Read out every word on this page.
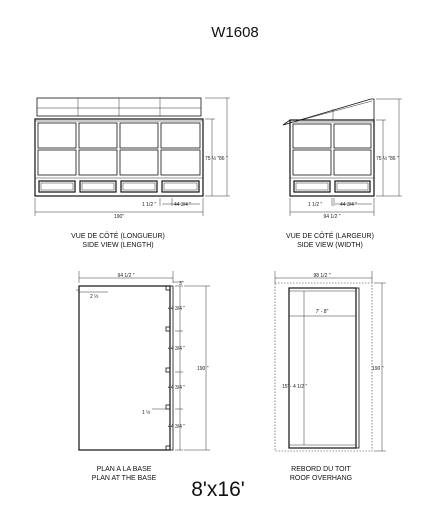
W1608
75 ½ " 86 "
1 1/2 "	44 3/4 "
190"
VUE DE CÔTÉ (LONGUEUR)
SIDE VIEW (LENGTH)
75 ½ " 86 "
1 1/2 "	44 3/4 "
94 1/2 "
VUE DE CÔTÉ (LARGEUR)
SIDE VIEW (WIDTH)
94 1/2 "
2 ½
3"
44 3/4 "
44 3/4 "
44 3/4 "
44 3/4 "
1 ½
190 "
PLAN A LA BASE
PLAN AT THE BASE 8'x16'
98 1/2 "
7' - 8"
15' - 4 1/2 "
190 "
REBORD DU TOIT
ROOF OVERHANG
